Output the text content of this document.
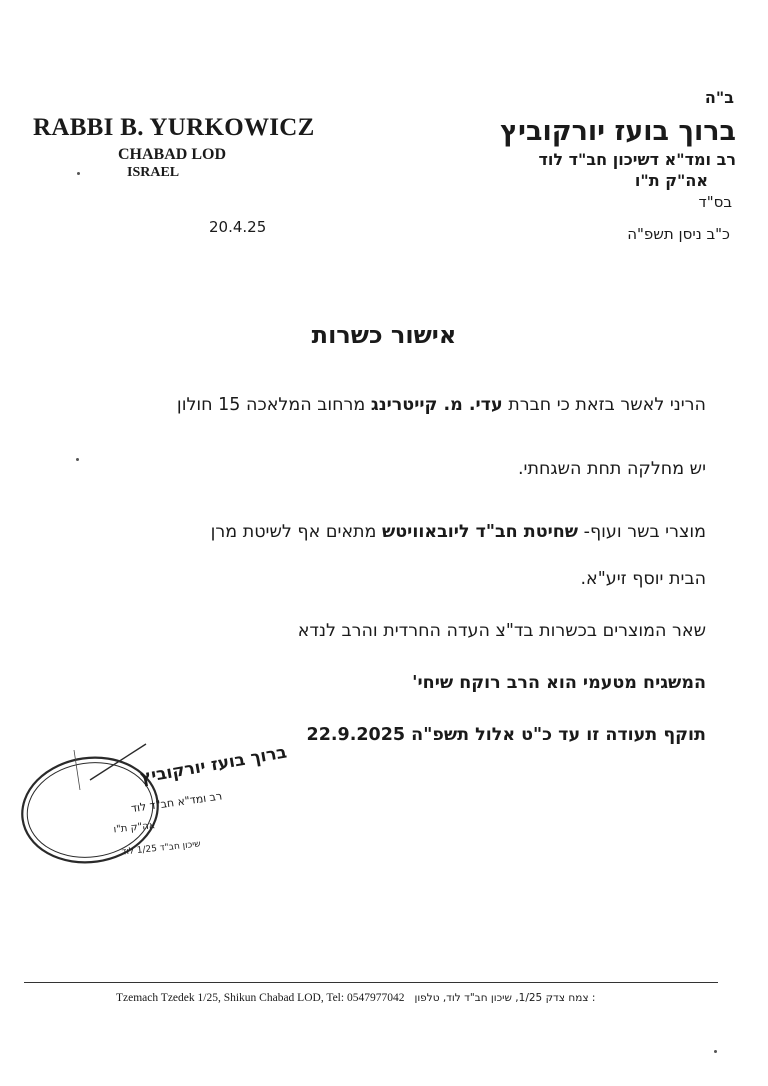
ב"ה
ברוך בועז יורקוביץ
רב ומד"א דשיכון חב"ד לוד
אה"ק ת"ו
בס"ד
כ"ב ניסן תשפ"ה
RABBI B. YURKOWICZ
CHABAD LOD
ISRAEL
20.4.25
אישור כשרות
הריני לאשר בזאת כי חברת עדי. מ. קייטרינג מרחוב המלאכה 15 חולון
יש מחלקה תחת השגחתי.
מוצרי בשר ועוף- שחיטת חב"ד ליובאוויטש מתאים אף לשיטת מרן
הבית יוסף זיע"א.
שאר המוצרים בכשרות בד"צ העדה החרדית והרב לנדא
המשגיח מטעמי הוא הרב רוקח שיחי'
תוקף תעודה זו עד כ"ט אלול תשפ"ה 22.9.2025
ברוך בועז יורקוביץ
רב ומד"א חב"ד לוד
אה"ק ת"ו
שיכון חב"ד 1/25 לוד
Tzemach Tzedek 1/25, Shikun Chabad LOD, Tel: 0547977042 : צמח צדק 1/25, שיכון חב"ד לוד, טלפון
